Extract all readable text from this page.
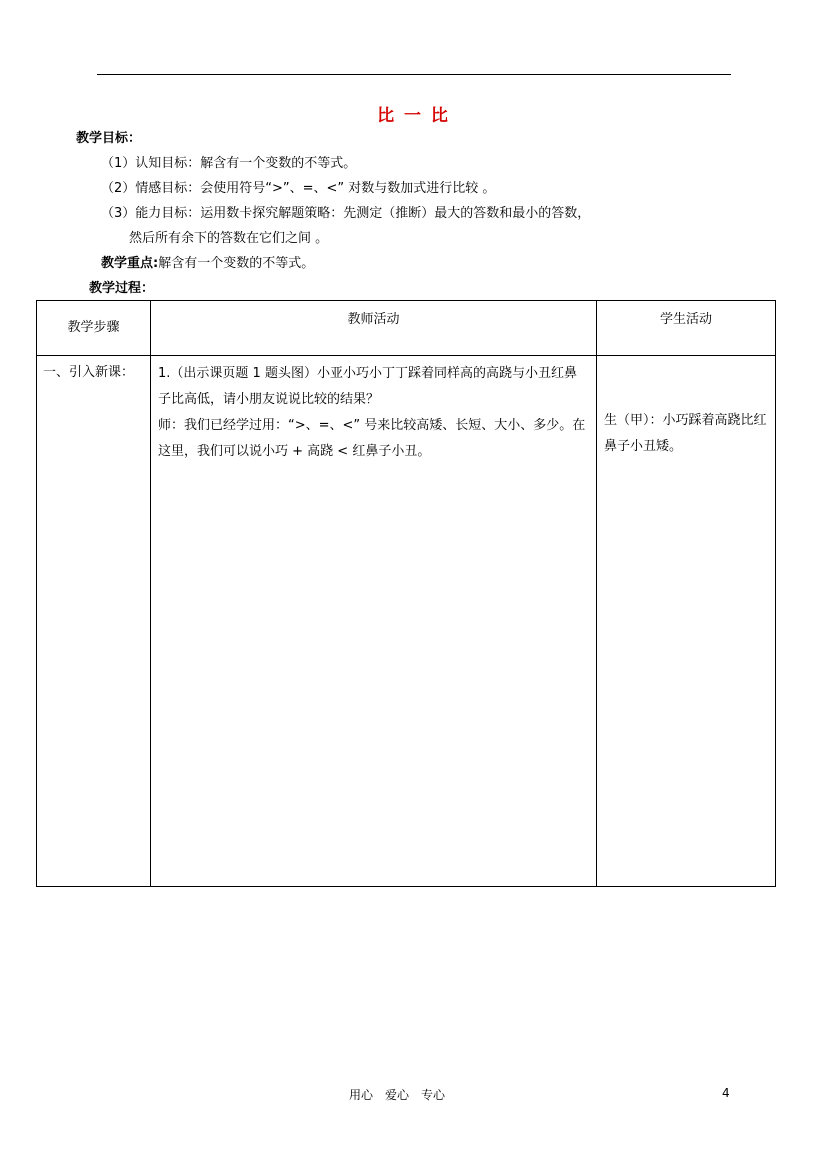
比 一 比
教学目标：
（1）认知目标：解含有一个变数的不等式。
（2）情感目标：会使用符号“>”、=、<” 对数与数加式进行比较 。
（3）能力目标：运用数卡探究解题策略：先测定（推断）最大的答数和最小的答数，
然后所有余下的答数在它们之间 。
教学重点:解含有一个变数的不等式。
教学过程：
教学步骤	教师活动	学生活动
一、引入新课：	1.（出示课页题 1 题头图）小亚小巧小丁丁踩着同样高的高跷与小丑红鼻子比高低，请小朋友说说比较的结果？

师：我们已经学过用：“>、=、<” 号来比较高矮、长短、大小、多少。在这里，我们可以说小巧 + 高跷 < 红鼻子小丑。	生（甲）：小巧踩着高跷比红鼻子小丑矮。
用心　爱心　专心	4
